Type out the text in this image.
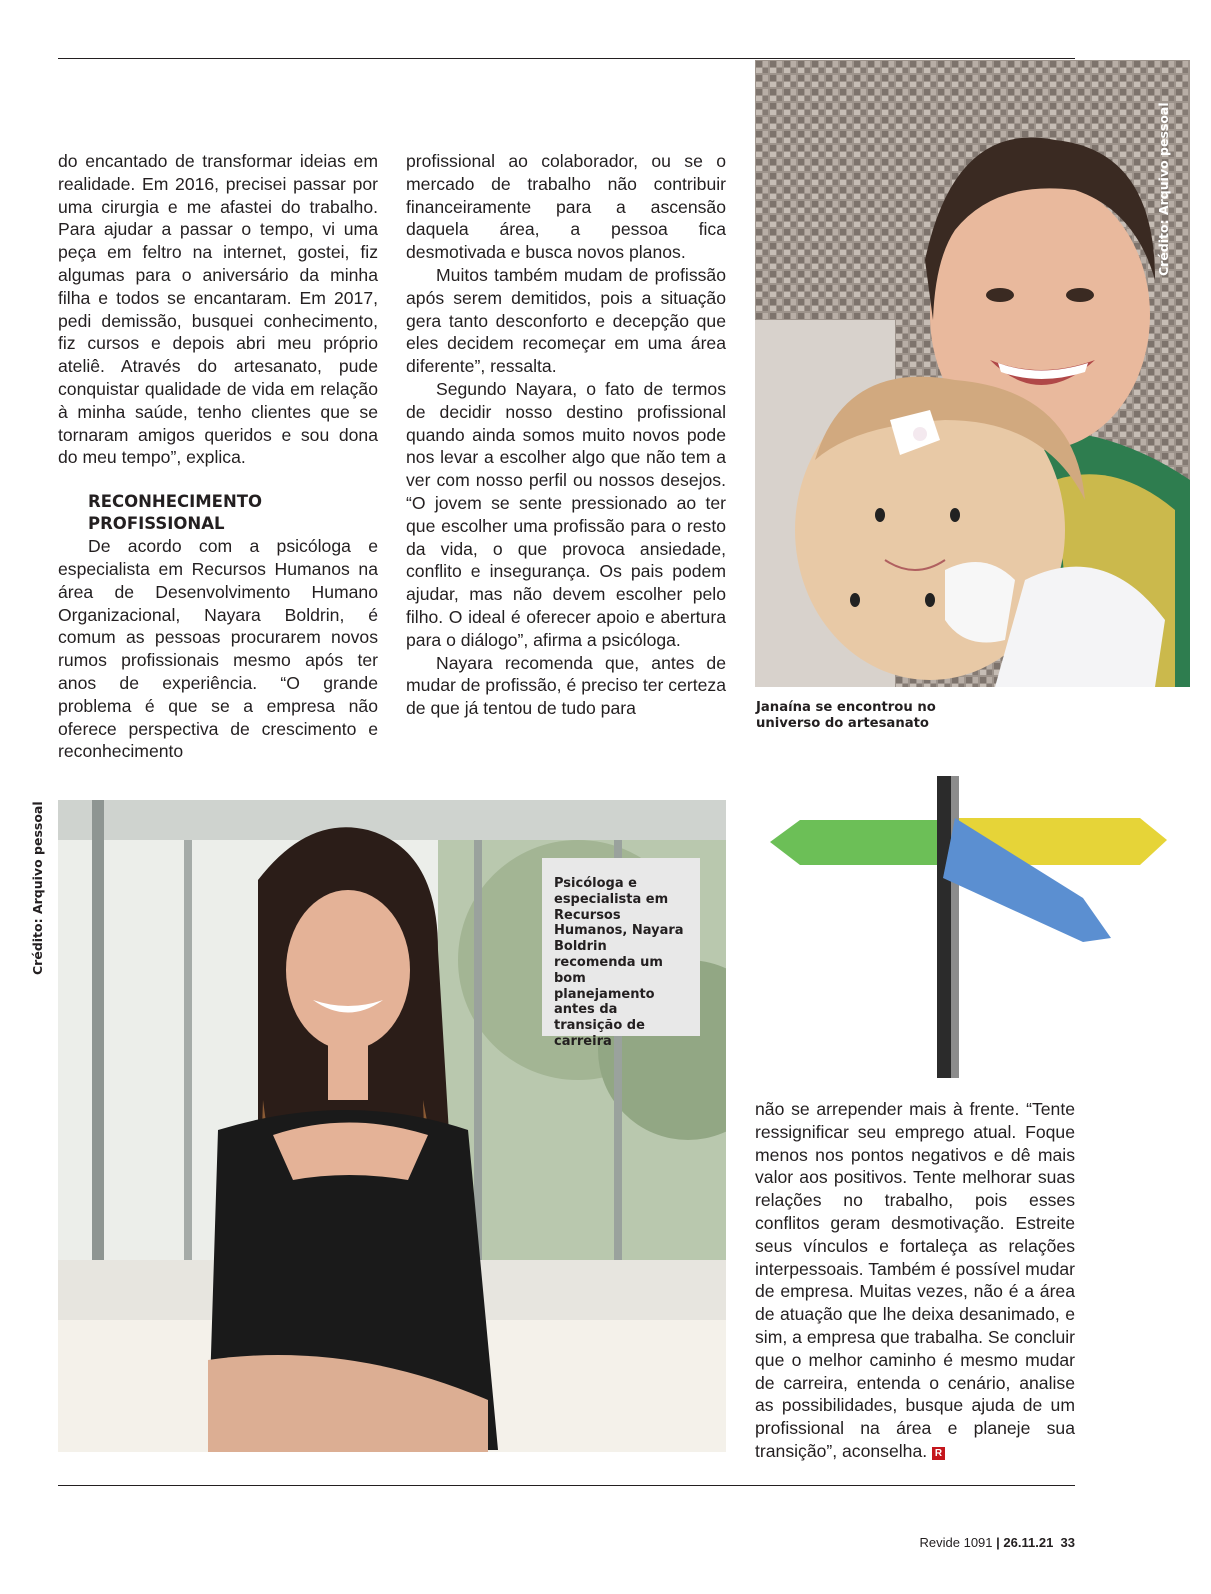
do encantado de transformar ideias em realidade. Em 2016, precisei passar por uma cirurgia e me afastei do trabalho. Para ajudar a passar o tempo, vi uma peça em feltro na internet, gostei, fiz algumas para o aniversário da minha filha e todos se encantaram. Em 2017, pedi demissão, busquei conhecimento, fiz cursos e depois abri meu próprio ateliê. Através do artesanato, pude conquistar qualidade de vida em relação à minha saúde, tenho clientes que se tornaram amigos queridos e sou dona do meu tempo”, explica.

RECONHECIMENTO
PROFISSIONAL

De acordo com a psicóloga e especialista em Recursos Humanos na área de Desenvolvimento Humano Organizacional, Nayara Boldrin, é comum as pessoas procurarem novos rumos profissionais mesmo após ter anos de experiência. “O grande problema é que se a empresa não oferece perspectiva de crescimento e reconhecimento

profissional ao colaborador, ou se o mercado de trabalho não contribuir financeiramente para a ascensão daquela área, a pessoa fica desmotivada e busca novos planos.

Muitos também mudam de profissão após serem demitidos, pois a situação gera tanto desconforto e decepção que eles decidem recomeçar em uma área diferente”, ressalta.

Segundo Nayara, o fato de termos de decidir nosso destino profissional quando ainda somos muito novos pode nos levar a escolher algo que não tem a ver com nosso perfil ou nossos desejos. “O jovem se sente pressionado ao ter que escolher uma profissão para o resto da vida, o que provoca ansiedade, conflito e insegurança. Os pais podem ajudar, mas não devem escolher pelo filho. O ideal é oferecer apoio e abertura para o diálogo”, afirma a psicóloga.

Nayara recomenda que, antes de mudar de profissão, é preciso ter certeza de que já tentou de tudo para

Crédito: Arquivo pessoal
Janaína se encontrou no
universo do artesanato
Crédito: Arquivo pessoal	Psicóloga e especialista em Recursos Humanos, Nayara Boldrin recomenda um bom planejamento antes da transição de carreira

não se arrepender mais à frente. “Tente ressignificar seu emprego atual. Foque menos nos pontos negativos e dê mais valor aos positivos. Tente melhorar suas relações no trabalho, pois esses conflitos geram desmotivação. Estreite seus vínculos e fortaleça as relações interpessoais. Também é possível mudar de empresa. Muitas vezes, não é a área de atuação que lhe deixa desanimado, e sim, a empresa que trabalha. Se concluir que o melhor caminho é mesmo mudar de carreira, entenda o cenário, analise as possibilidades, busque ajuda de um profissional na área e planeje sua transição”, aconselha. R

Revide 1091 | 26.11.21 33
